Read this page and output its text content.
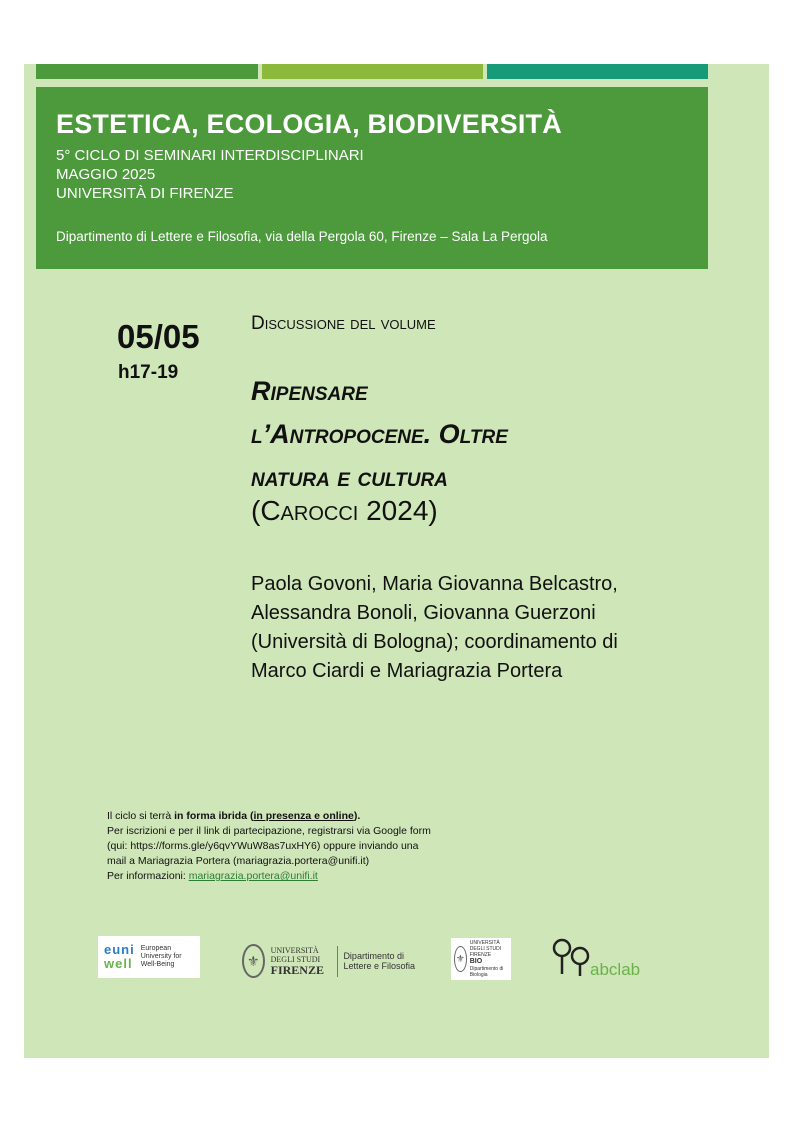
ESTETICA, ECOLOGIA, BIODIVERSITÀ
5° CICLO DI SEMINARI INTERDISCIPLINARI
MAGGIO 2025
UNIVERSITÀ DI FIRENZE
Dipartimento di Lettere e Filosofia, via della Pergola 60, Firenze – Sala La Pergola
05/05
h17-19
Discussione del volume
Ripensare
l’Antropocene. Oltre
natura e cultura
(Carocci 2024)
Paola Govoni, Maria Giovanna Belcastro, Alessandra Bonoli, Giovanna Guerzoni (Università di Bologna); coordinamento di Marco Ciardi e Mariagrazia Portera
Il ciclo si terrà in forma ibrida (in presenza e online).
Per iscrizioni e per il link di partecipazione, registrarsi via Google form
(qui: https://forms.gle/y6qvYWuW8as7uxHY6) oppure inviando una
mail a Mariagrazia Portera (mariagrazia.portera@unifi.it)
Per informazioni: mariagrazia.portera@unifi.it
euni
well
European University for Well-Being	⚜
UNIVERSITÀ DEGLI STUDI
FIRENZE
Dipartimento di Lettere e Filosofia
⚜
UNIVERSITÀ DEGLI STUDI FIRENZE
BIO
Dipartimento di Biologia	abclab
